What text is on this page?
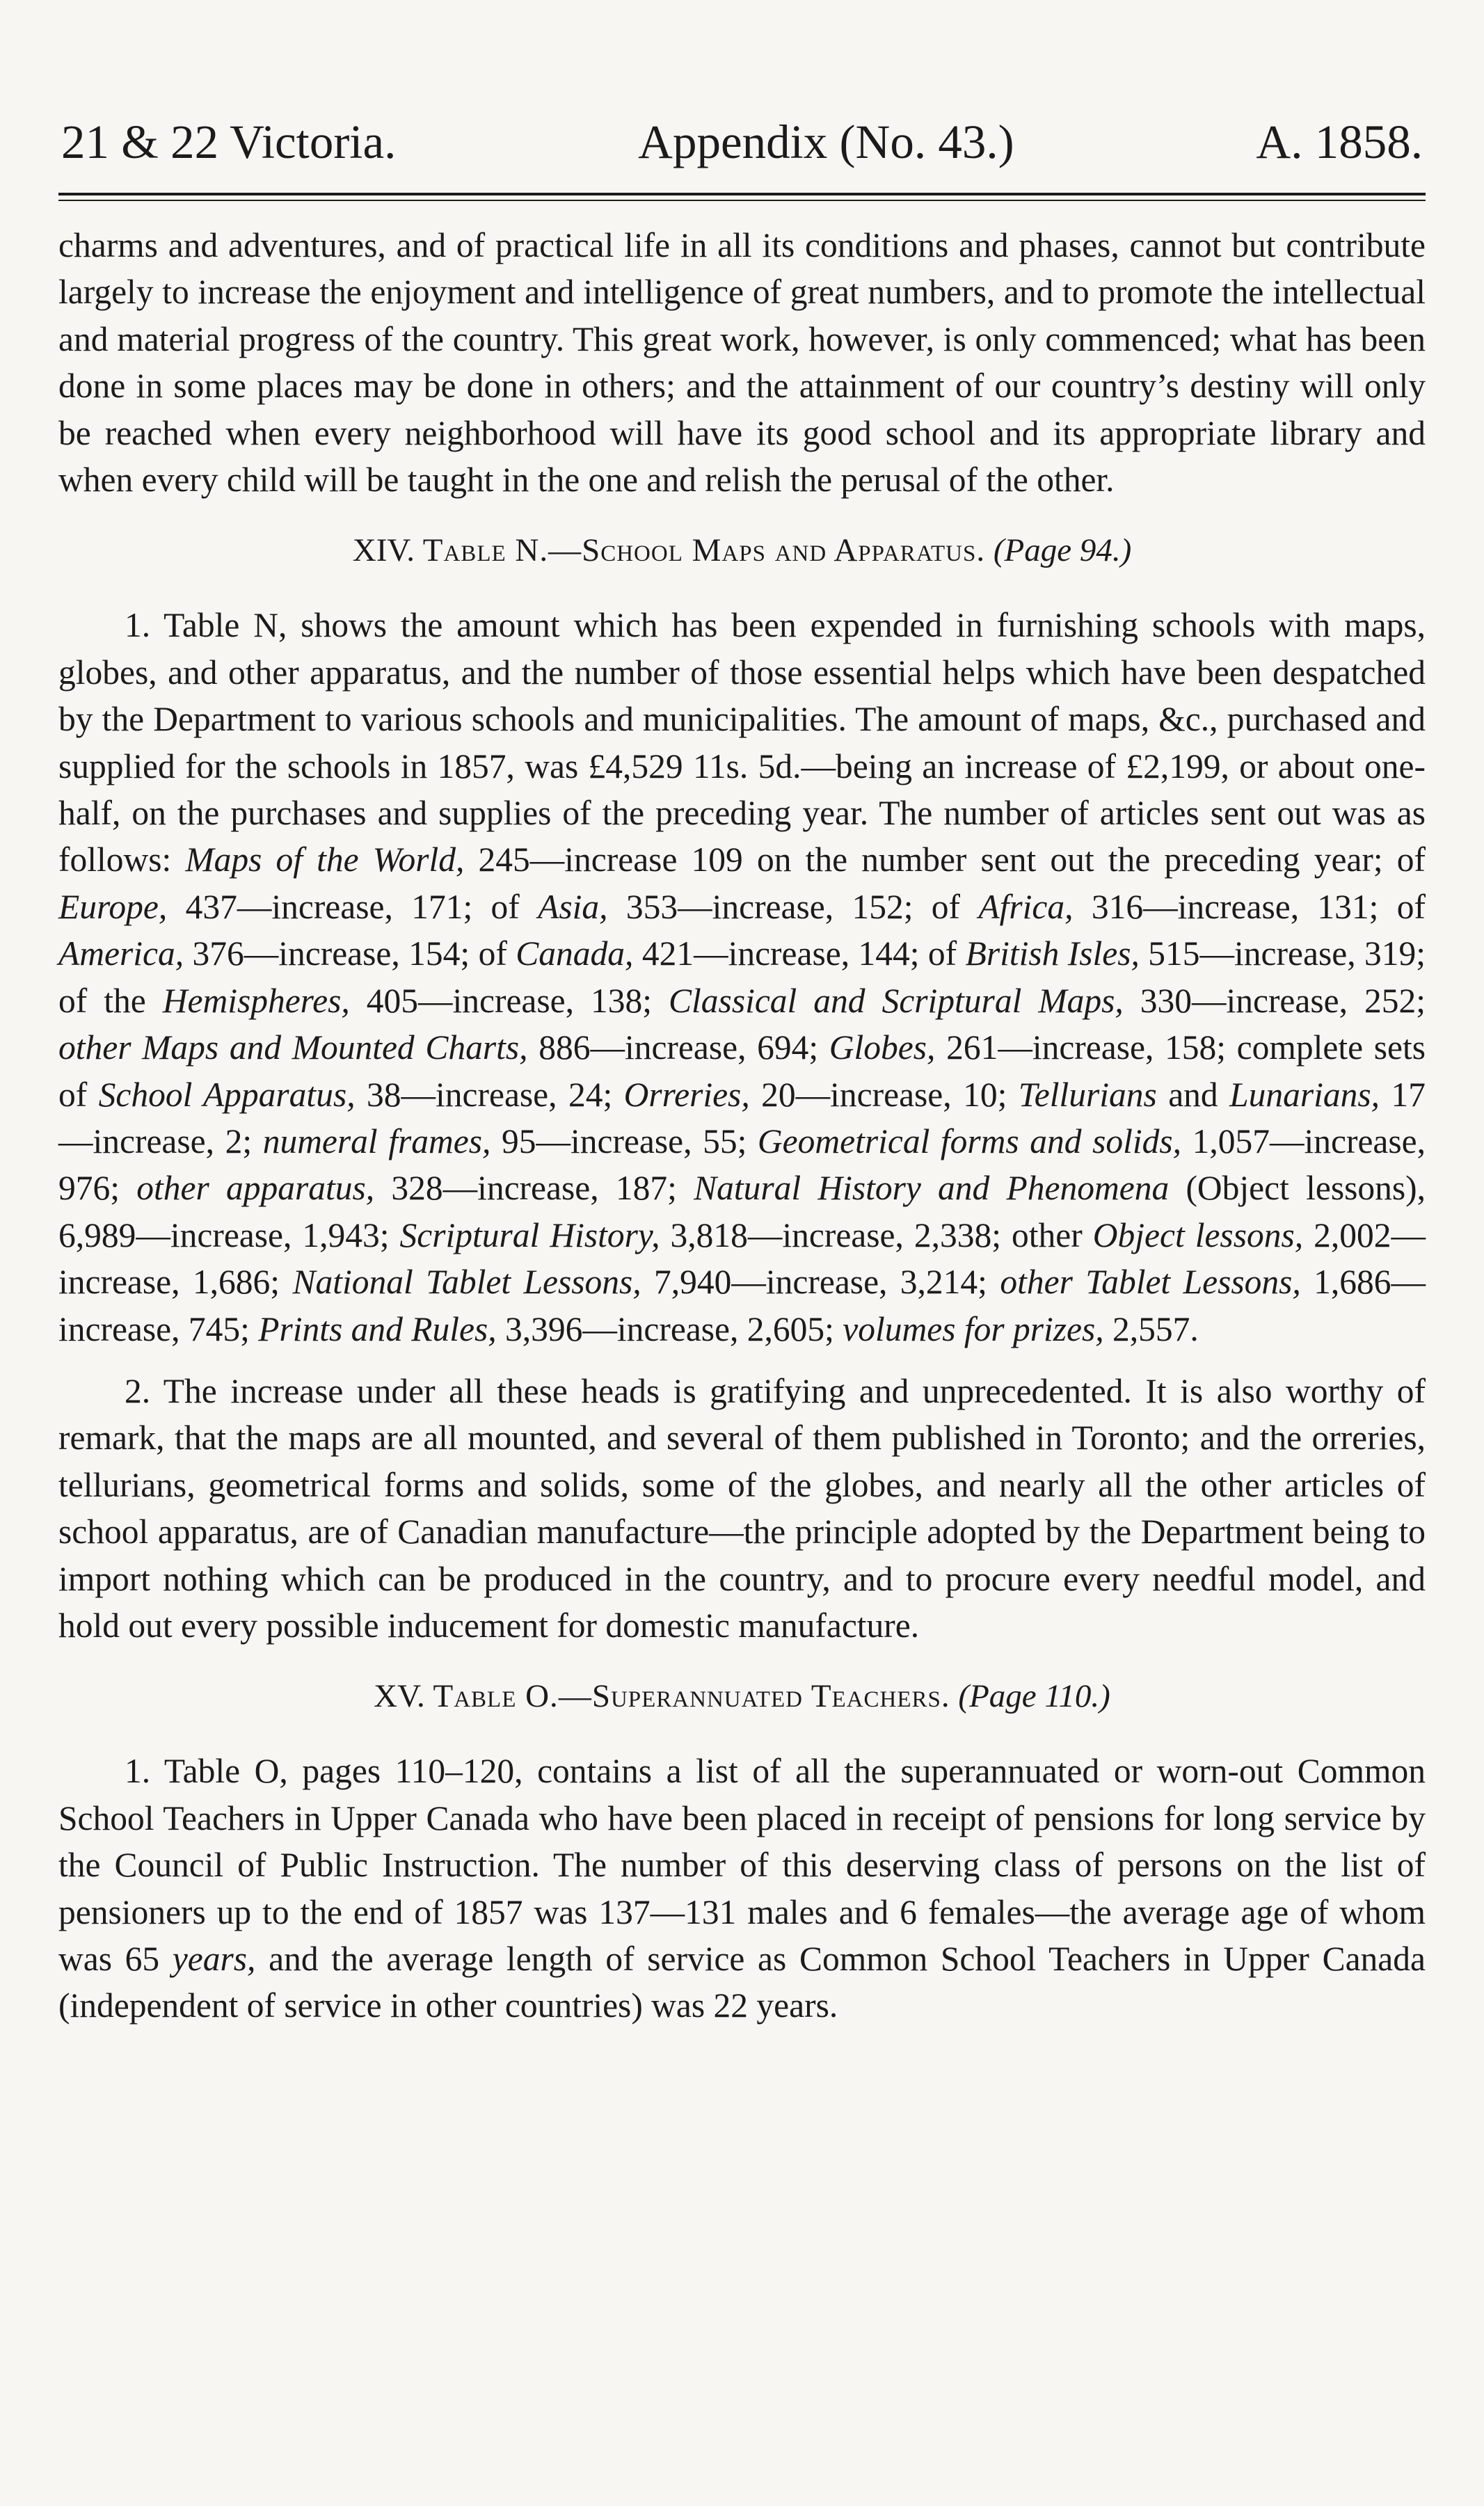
21 & 22 Victoria.	Appendix (No. 43.)	A. 1858.

charms and adventures, and of practical life in all its conditions and phases, cannot but contribute largely to increase the enjoyment and intelligence of great numbers, and to promote the intellectual and material progress of the country. This great work, however, is only commenced; what has been done in some places may be done in others; and the attainment of our country’s destiny will only be reached when every neighborhood will have its good school and its appropriate library and when every child will be taught in the one and relish the perusal of the other.

XIV. Table N.—School Maps and Apparatus. (Page 94.)

1. Table N, shows the amount which has been expended in furnishing schools with maps, globes, and other apparatus, and the number of those essential helps which have been despatched by the Department to various schools and municipalities. The amount of maps, &c., purchased and supplied for the schools in 1857, was £4,529 11s. 5d.—being an increase of £2,199, or about one-half, on the purchases and supplies of the preceding year. The number of articles sent out was as follows: Maps of the World, 245—increase 109 on the number sent out the preceding year; of Europe, 437—increase, 171; of Asia, 353—increase, 152; of Africa, 316—increase, 131; of America, 376—increase, 154; of Canada, 421—increase, 144; of British Isles, 515—increase, 319; of the Hemispheres, 405—increase, 138; Classical and Scriptural Maps, 330—increase, 252; other Maps and Mounted Charts, 886—increase, 694; Globes, 261—increase, 158; complete sets of School Apparatus, 38—increase, 24; Orreries, 20—increase, 10; Tellurians and Lunarians, 17—increase, 2; numeral frames, 95—increase, 55; Geometrical forms and solids, 1,057—increase, 976; other apparatus, 328—increase, 187; Natural History and Phenomena (Object lessons), 6,989—increase, 1,943; Scriptural History, 3,818—increase, 2,338; other Object lessons, 2,002—increase, 1,686; National Tablet Lessons, 7,940—increase, 3,214; other Tablet Lessons, 1,686—increase, 745; Prints and Rules, 3,396—increase, 2,605; volumes for prizes, 2,557.

2. The increase under all these heads is gratifying and unprecedented. It is also worthy of remark, that the maps are all mounted, and several of them published in Toronto; and the orreries, tellurians, geometrical forms and solids, some of the globes, and nearly all the other articles of school apparatus, are of Canadian manufacture—the principle adopted by the Department being to import nothing which can be produced in the country, and to procure every needful model, and hold out every possible inducement for domestic manufacture.

XV. Table O.—Superannuated Teachers. (Page 110.)

1. Table O, pages 110–120, contains a list of all the superannuated or worn-out Common School Teachers in Upper Canada who have been placed in receipt of pensions for long service by the Council of Public Instruction. The number of this deserving class of persons on the list of pensioners up to the end of 1857 was 137—131 males and 6 females—the average age of whom was 65 years, and the average length of service as Common School Teachers in Upper Canada (independent of service in other countries) was 22 years.
